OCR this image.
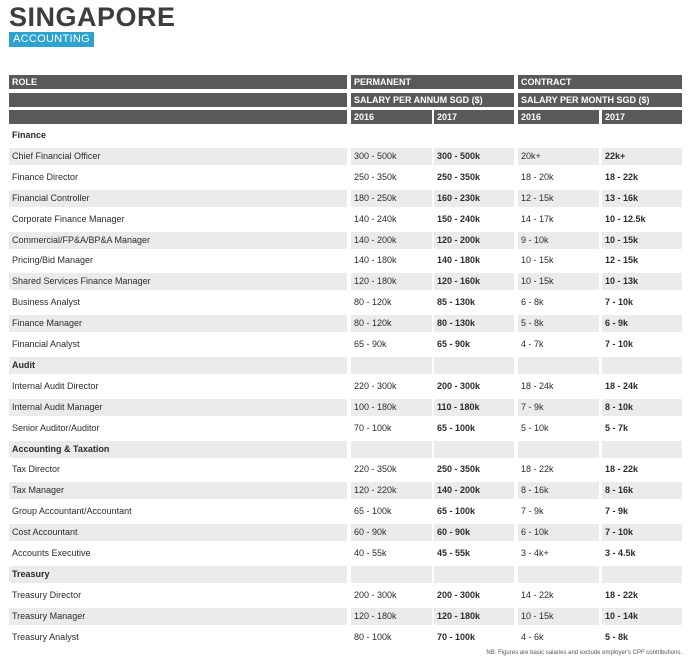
SINGAPORE
ACCOUNTING
ROLE	PERMANENT	CONTRACT
SALARY PER ANNUM SGD ($)	SALARY PER MONTH SGD ($)
2016	2017	2016	2017
Finance
Chief Financial Officer	300 - 500k	300 - 500k	20k+	22k+
Finance Director	250 - 350k	250 - 350k	18 - 20k	18 - 22k
Financial Controller	180 - 250k	160 - 230k	12 - 15k	13 - 16k
Corporate Finance Manager	140 - 240k	150 - 240k	14 - 17k	10 - 12.5k
Commercial/FP&A/BP&A Manager	140 - 200k	120 - 200k	9 - 10k	10 - 15k
Pricing/Bid Manager	140 - 180k	140 - 180k	10 - 15k	12 - 15k
Shared Services Finance Manager	120 - 180k	120 - 160k	10 - 15k	10 - 13k
Business Analyst	80 - 120k	85 - 130k	6 - 8k	7 - 10k
Finance Manager	80 - 120k	80 - 130k	5 - 8k	6 - 9k
Financial Analyst	65 - 90k	65 - 90k	4 - 7k	7 - 10k
Audit
Internal Audit Director	220 - 300k	200 - 300k	18 - 24k	18 - 24k
Internal Audit Manager	100 - 180k	110 - 180k	7 - 9k	8 - 10k
Senior Auditor/Auditor	70 - 100k	65 - 100k	5 - 10k	5 - 7k
Accounting & Taxation
Tax Director	220 - 350k	250 - 350k	18 - 22k	18 - 22k
Tax Manager	120 - 220k	140 - 200k	8 - 16k	8 - 16k
Group Accountant/Accountant	65 - 100k	65 - 100k	7 - 9k	7 - 9k
Cost Accountant	60 - 90k	60 - 90k	6 - 10k	7 - 10k
Accounts Executive	40 - 55k	45 - 55k	3 - 4k+	3 - 4.5k
Treasury
Treasury Director	200 - 300k	200 - 300k	14 - 22k	18 - 22k
Treasury Manager	120 - 180k	120 - 180k	10 - 15k	10 - 14k
Treasury Analyst	80 - 100k	70 - 100k	4 - 6k	5 - 8k
NB: Figures are basic salaries and exclude employer's CPF contributions.
